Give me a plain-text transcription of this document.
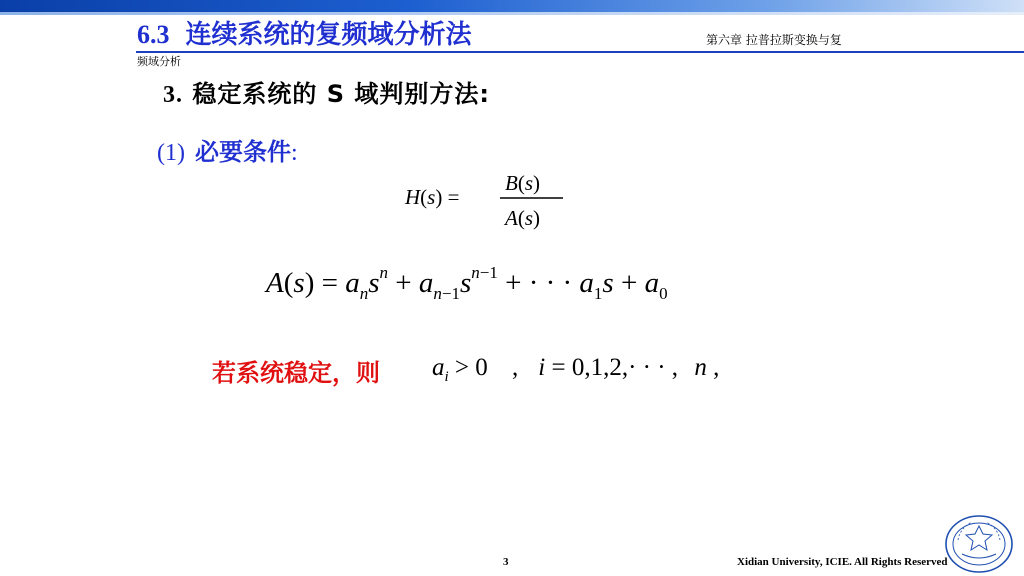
6.3 连续系统的复频域分析法	第六章 拉普拉斯变换与复
频域分析
3. 稳定系统的 S 域判别方法:
(1) 必要条件:
H(s) =
B(s)
A(s)
$A(s) = a_ns^n + a_n-1s^n-1$ + · · · $a_1s + a_0$
$a_i > 0$ , i = 0,1,2,· · · , n ,
若系统稳定，则
3	Xidian University, ICIE. All Rights Reserved
